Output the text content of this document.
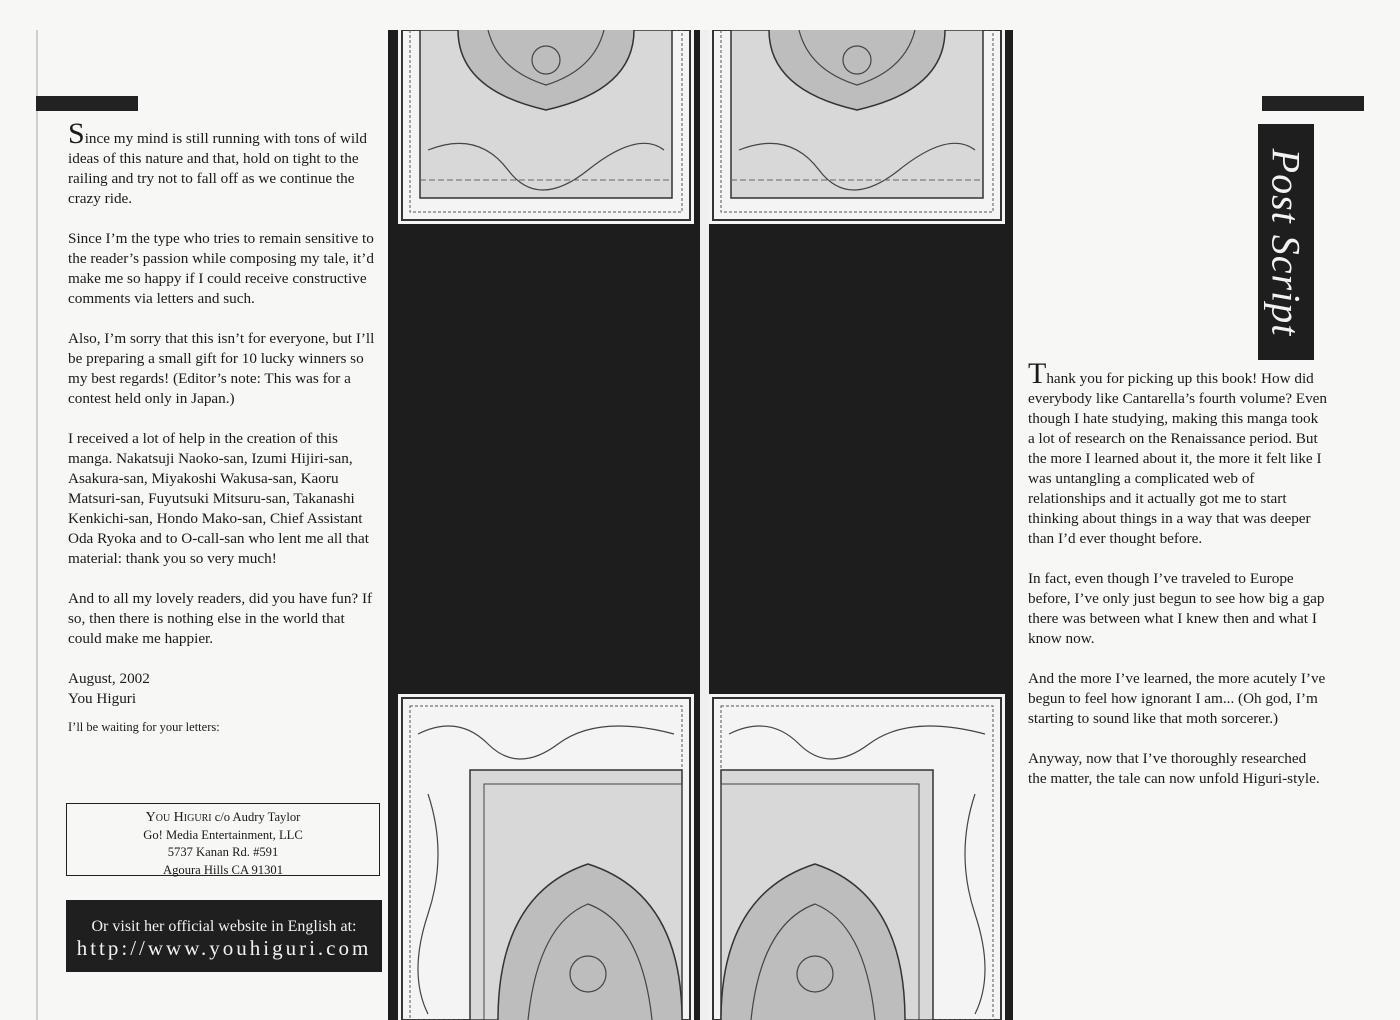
Since my mind is still running with tons of wild ideas of this nature and that, hold on tight to the railing and try not to fall off as we continue the crazy ride.

Since I’m the type who tries to remain sensitive to the reader’s passion while composing my tale, it’d make me so happy if I could receive constructive comments via letters and such.

Also, I’m sorry that this isn’t for everyone, but I’ll be preparing a small gift for 10 lucky winners so my best regards! (Editor’s note: This was for a contest held only in Japan.)

I received a lot of help in the creation of this manga. Nakatsuji Naoko-san, Izumi Hijiri-san, Asakura-san, Miyakoshi Wakusa-san, Kaoru Matsuri-san, Fuyutsuki Mitsuru-san, Takanashi Kenkichi-san, Hondo Mako-san, Chief Assistant Oda Ryoka and to O-call-san who lent me all that material: thank you so very much!

And to all my lovely readers, did you have fun? If so, then there is nothing else in the world that could make me happier.

August, 2002
You Higuri

I’ll be waiting for your letters:

You Higuri c/o Audry Taylor
Go! Media Entertainment, LLC
5737 Kanan Rd. #591
Agoura Hills CA 91301
Or visit her official website in English at:
http://www.youhiguri.com
Post Script

Thank you for picking up this book! How did everybody like Cantarella’s fourth volume? Even though I hate studying, making this manga took a lot of research on the Renaissance period. But the more I learned about it, the more it felt like I was untangling a complicated web of relationships and it actually got me to start thinking about things in a way that was deeper than I’d ever thought before.

In fact, even though I’ve traveled to Europe before, I’ve only just begun to see how big a gap there was between what I knew then and what I know now.

And the more I’ve learned, the more acutely I’ve begun to feel how ignorant I am... (Oh god, I’m starting to sound like that moth sorcerer.)

Anyway, now that I’ve thoroughly researched the matter, the tale can now unfold Higuri-style.
